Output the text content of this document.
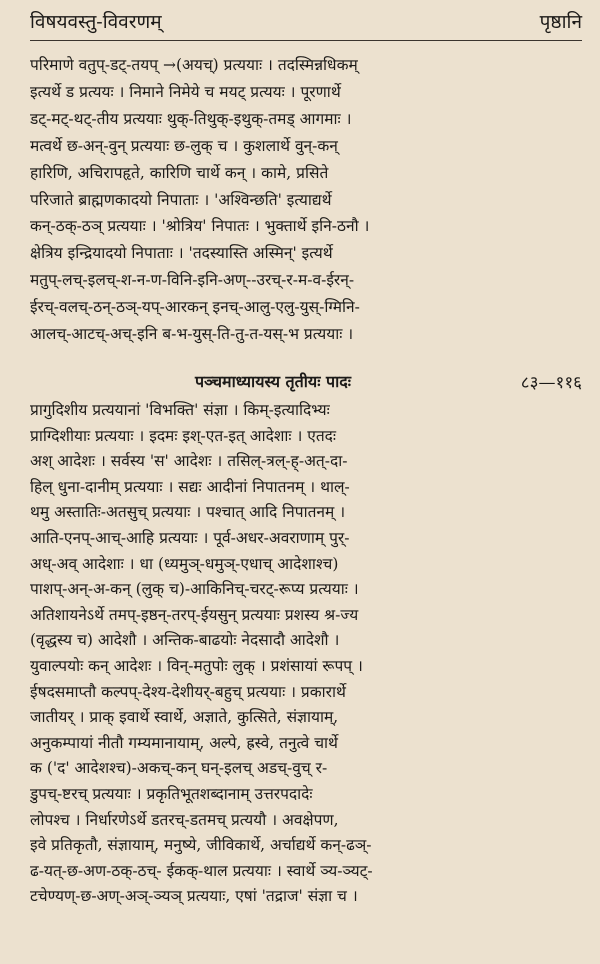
विषयवस्तु-विवरणम्	पृष्ठानि

परिमाणे वतुप्-डट्-तयप् →(अयच्) प्रत्ययाः । तदस्मिन्नधिकम्

इत्यर्थे ड प्रत्ययः । निमाने निमेये च मयट् प्रत्ययः । पूरणार्थे

डट्-मट्-थट्-तीय प्रत्ययाः थुक्-तिथुक्-इथुक्-तमड् आगमाः ।

मत्वर्थे छ-अन्-वुन् प्रत्ययाः छ-लुक् च । कुशलार्थे वुन्-कन्

हारिणि, अचिरापहृते, कारिणि चार्थे कन् । कामे, प्रसिते

परिजाते ब्राह्मणकादयो निपाताः । 'अश्विन्छति' इत्याद्यर्थे

कन्-ठक्-ठञ् प्रत्ययाः । 'श्रोत्रिय' निपातः । भुक्तार्थे इनि-ठनौ ।

क्षेत्रिय इन्द्रियादयो निपाताः । 'तदस्यास्ति अस्मिन्' इत्यर्थे

मतुप्-लच्-इलच्-श-न-ण-विनि-इनि-अण्--उरच्-र-म-व-ईरन्-

ईरच्-वलच्-ठन्-ठञ्-यप्-आरकन् इनच्-आलु-एलु-युस्-ग्मिनि-

आलच्-आटच्-अच्-इनि ब-भ-युस्-ति-तु-त-यस्-भ प्रत्ययाः ।

पञ्चमाध्यायस्य तृतीयः पादः	८३—११६

प्रागुदिशीय प्रत्ययानां 'विभक्ति' संज्ञा । किम्-इत्यादिभ्यः

प्राग्दिशीयाः प्रत्ययाः । इदमः इश्-एत-इत् आदेशाः । एतदः

अश् आदेशः । सर्वस्य 'स' आदेशः । तसिल्-त्रल्-ह्-अत्-दा-

हिल् धुना-दानीम् प्रत्ययाः । सद्यः आदीनां निपातनम् । थाल्-

थमु अस्तातिः-अतसुच् प्रत्ययाः । पश्चात् आदि निपातनम् ।

आति-एनप्-आच्-आहि प्रत्ययाः । पूर्व-अधर-अवराणाम् पुर्-

अध्-अव् आदेशाः । धा (ध्यमुञ्-धमुञ्-एधाच् आदेशाश्च)

पाशप्-अन्-अ-कन् (लुक् च)-आकिनिच्-चरट्-रूप्य प्रत्ययाः ।

अतिशायनेऽर्थे तमप्-इष्ठन्-तरप्-ईयसुन् प्रत्ययाः प्रशस्य श्र-ज्य

(वृद्धस्य च) आदेशौ । अन्तिक-बाढयोः नेदसादौ आदेशौ ।

युवाल्पयोः कन् आदेशः । विन्-मतुपोः लुक् । प्रशंसायां रूपप् ।

ईषदसमाप्तौ कल्पप्-देश्य-देशीयर्-बहुच् प्रत्ययाः । प्रकारार्थे

जातीयर् । प्राक् इवार्थे स्वार्थे, अज्ञाते, कुत्सिते, संज्ञायाम्,

अनुकम्पायां नीतौ गम्यमानायाम्, अल्पे, ह्रस्वे, तनुत्वे चार्थे

क ('द' आदेशश्च)-अकच्-कन् घन्-इलच् अडच्-वुच् र-

डुपच्-ष्टरच् प्रत्ययाः । प्रकृतिभूतशब्दानाम् उत्तरपदादेः

लोपश्च । निर्धारणेऽर्थे डतरच्-डतमच् प्रत्ययौ । अवक्षेपण,

इवे प्रतिकृतौ, संज्ञायाम्, मनुष्ये, जीविकार्थे, अर्चाद्यर्थे कन्-ढञ्-

ढ-यत्-छ-अण-ठक्-ठच्- ईकक्-थाल प्रत्ययाः । स्वार्थे ञ्य-ञ्यट्-

टचेण्यण्-छ-अण्-अञ्-ञ्यञ् प्रत्ययाः, एषां 'तद्राज' संज्ञा च ।
